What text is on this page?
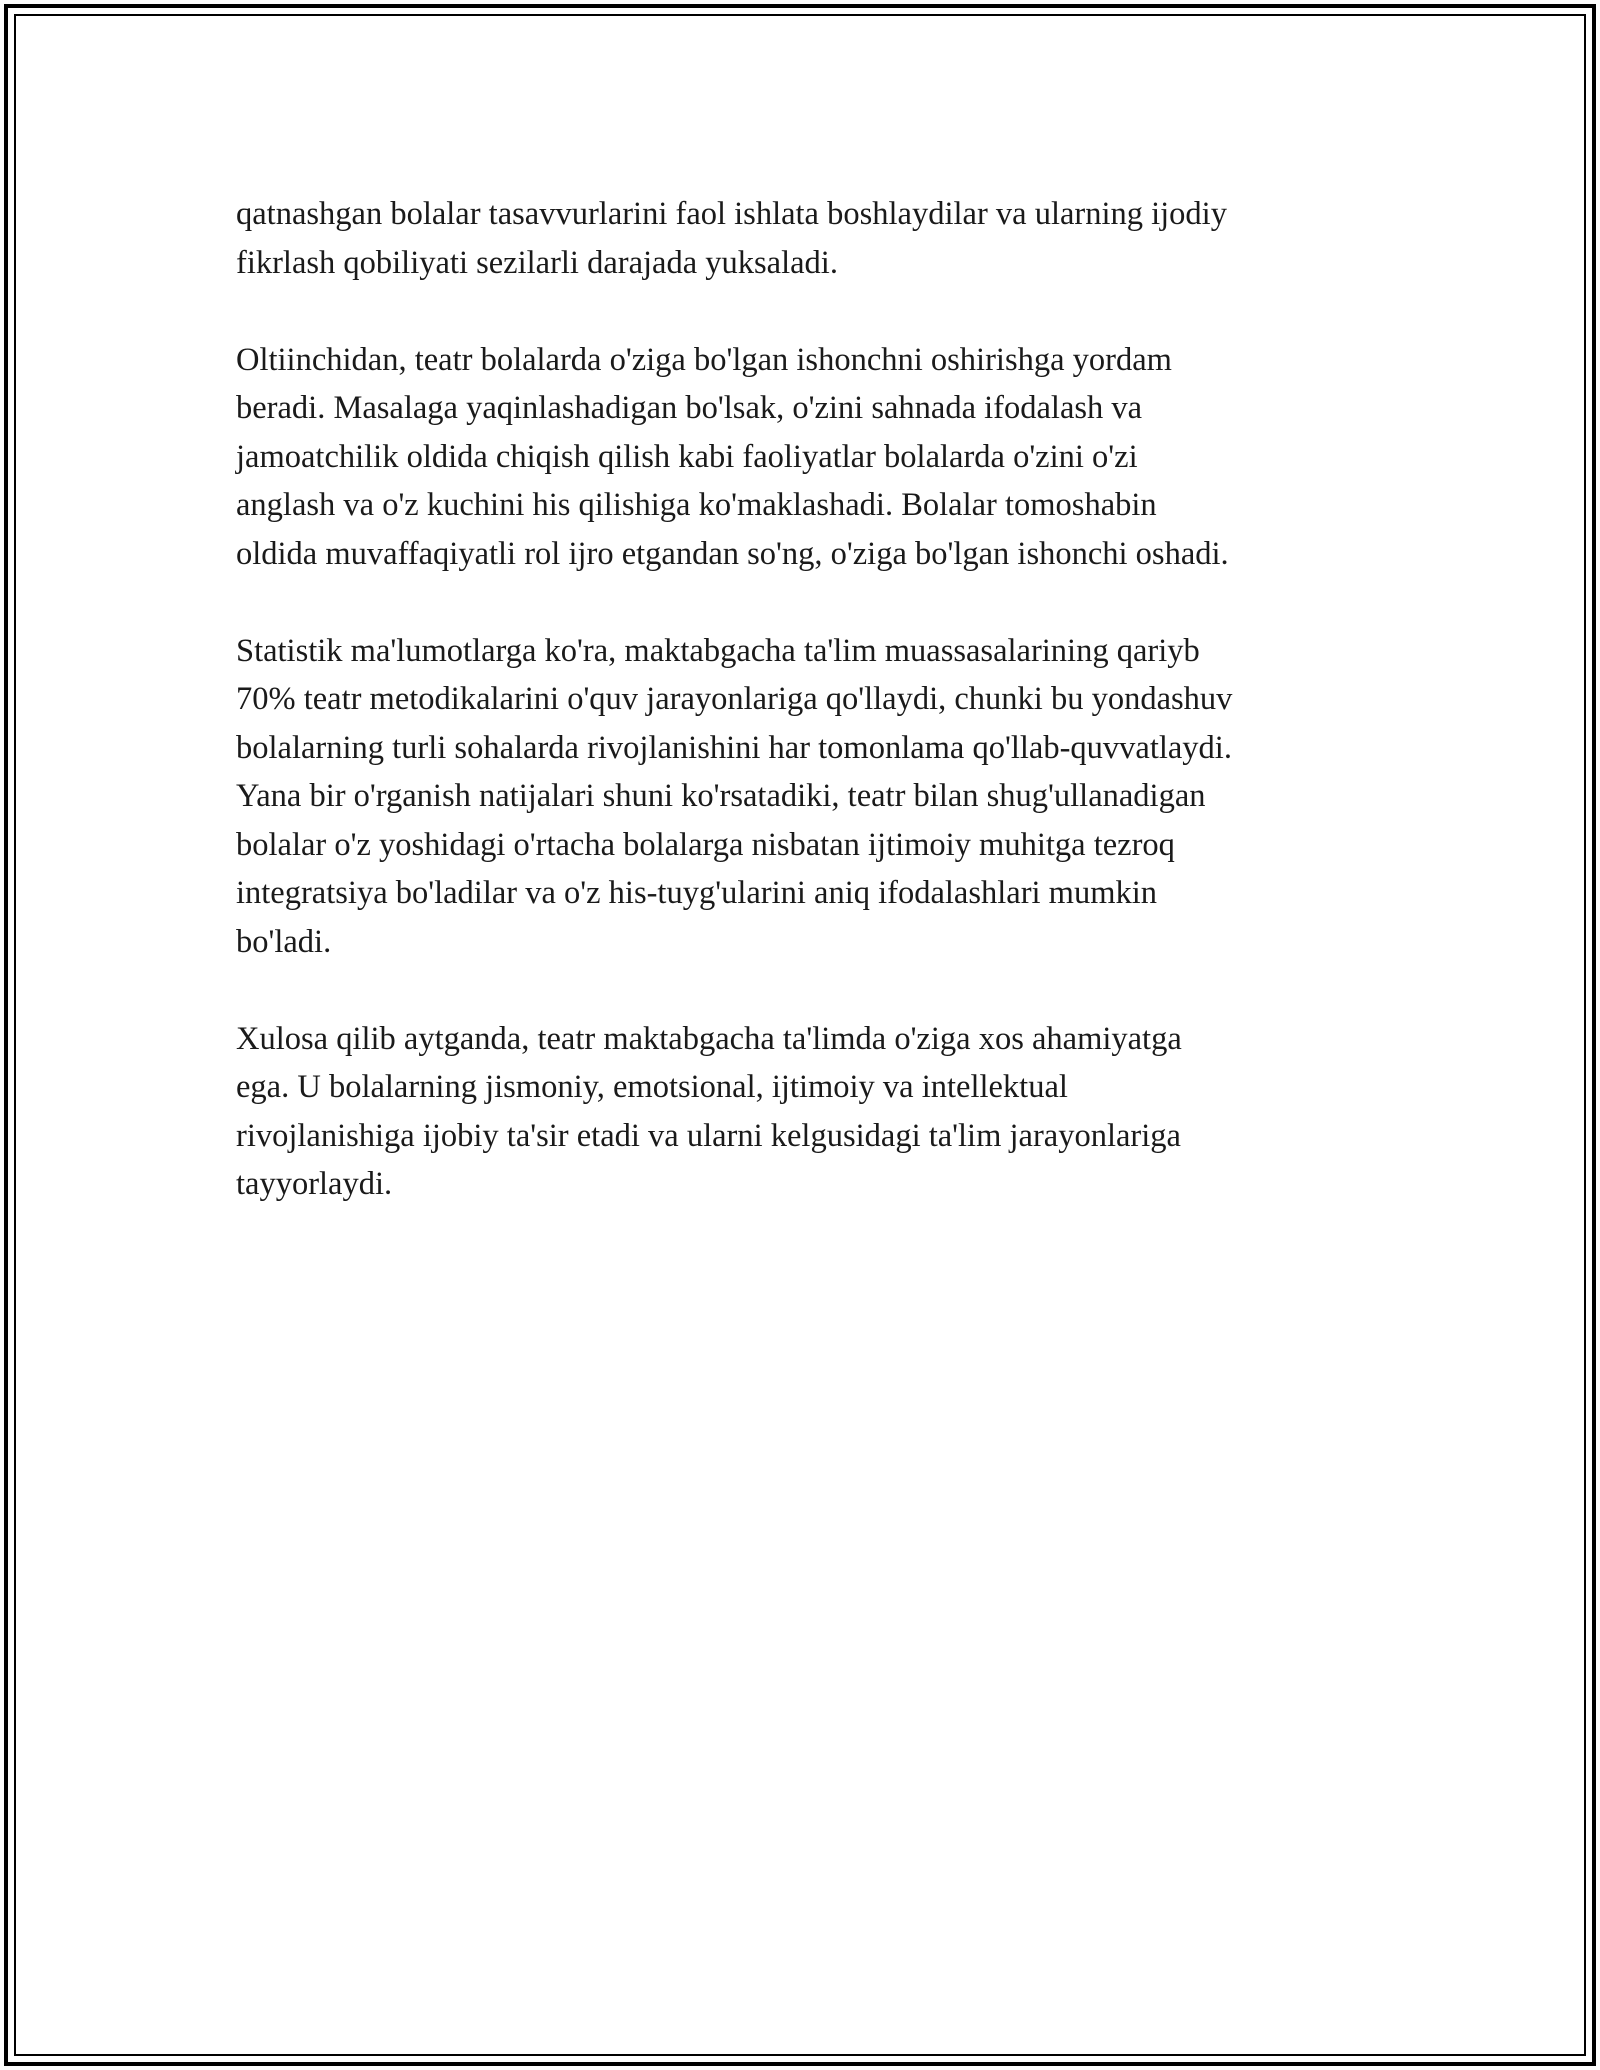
qatnashgan bolalar tasavvurlarini faol ishlata boshlaydilar va ularning ijodiy
fikrlash qobiliyati sezilarli darajada yuksaladi.

Oltiinchidan, teatr bolalarda o'ziga bo'lgan ishonchni oshirishga yordam
beradi. Masalaga yaqinlashadigan bo'lsak, o'zini sahnada ifodalash va
jamoatchilik oldida chiqish qilish kabi faoliyatlar bolalarda o'zini o'zi
anglash va o'z kuchini his qilishiga ko'maklashadi. Bolalar tomoshabin
oldida muvaffaqiyatli rol ijro etgandan so'ng, o'ziga bo'lgan ishonchi oshadi.

Statistik ma'lumotlarga ko'ra, maktabgacha ta'lim muassasalarining qariyb
70% teatr metodikalarini o'quv jarayonlariga qo'llaydi, chunki bu yondashuv
bolalarning turli sohalarda rivojlanishini har tomonlama qo'llab-quvvatlaydi.
Yana bir o'rganish natijalari shuni ko'rsatadiki, teatr bilan shug'ullanadigan
bolalar o'z yoshidagi o'rtacha bolalarga nisbatan ijtimoiy muhitga tezroq
integratsiya bo'ladilar va o'z his-tuyg'ularini aniq ifodalashlari mumkin
bo'ladi.

Xulosa qilib aytganda, teatr maktabgacha ta'limda o'ziga xos ahamiyatga
ega. U bolalarning jismoniy, emotsional, ijtimoiy va intellektual
rivojlanishiga ijobiy ta'sir etadi va ularni kelgusidagi ta'lim jarayonlariga
tayyorlaydi.
